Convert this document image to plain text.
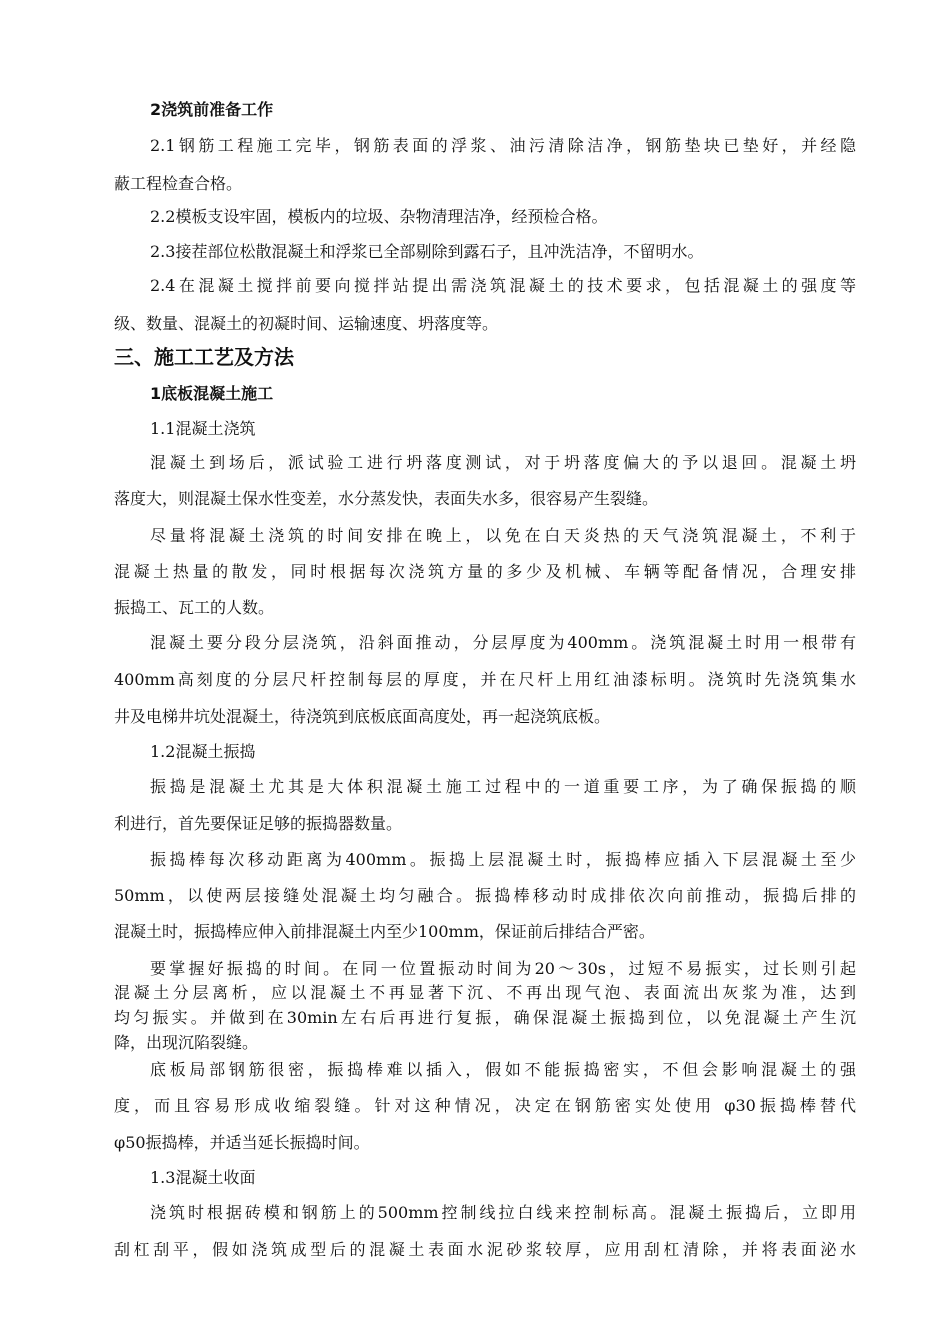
2浇筑前准备工作
2.1钢筋工程施工完毕，钢筋表面的浮浆、油污清除洁净，钢筋垫块已垫好，并经隐
蔽工程检查合格。
2.2模板支设牢固，模板内的垃圾、杂物清理洁净，经预检合格。
2.3接茬部位松散混凝土和浮浆已全部剔除到露石子，且冲洗洁净，不留明水。
2.4在混凝土搅拌前要向搅拌站提出需浇筑混凝土的技术要求，包括混凝土的强度等
级、数量、混凝土的初凝时间、运输速度、坍落度等。
三、施工工艺及方法
1底板混凝土施工
1.1混凝土浇筑
混凝土到场后，派试验工进行坍落度测试，对于坍落度偏大的予以退回。混凝土坍
落度大，则混凝土保水性变差，水分蒸发快，表面失水多，很容易产生裂缝。
尽量将混凝土浇筑的时间安排在晚上，以免在白天炎热的天气浇筑混凝土，不利于
混凝土热量的散发，同时根据每次浇筑方量的多少及机械、车辆等配备情况，合理安排
振捣工、瓦工的人数。
混凝土要分段分层浇筑，沿斜面推动，分层厚度为400mm。浇筑混凝土时用一根带有
400mm高刻度的分层尺杆控制每层的厚度，并在尺杆上用红油漆标明。浇筑时先浇筑集水
井及电梯井坑处混凝土，待浇筑到底板底面高度处，再一起浇筑底板。
1.2混凝土振捣
振捣是混凝土尤其是大体积混凝土施工过程中的一道重要工序，为了确保振捣的顺
利进行，首先要保证足够的振捣器数量。
振捣棒每次移动距离为400mm。振捣上层混凝土时，振捣棒应插入下层混凝土至少
50mm，以使两层接缝处混凝土均匀融合。振捣棒移动时成排依次向前推动，振捣后排的
混凝土时，振捣棒应伸入前排混凝土内至少100mm，保证前后排结合严密。
要掌握好振捣的时间。在同一位置振动时间为20～30s，过短不易振实，过长则引起
混凝土分层离析，应以混凝土不再显著下沉、不再出现气泡、表面流出灰浆为准，达到
均匀振实。并做到在30min左右后再进行复振，确保混凝土振捣到位，以免混凝土产生沉
降，出现沉陷裂缝。
底板局部钢筋很密，振捣棒难以插入，假如不能振捣密实，不但会影响混凝土的强
度，而且容易形成收缩裂缝。针对这种情况，决定在钢筋密实处使用 φ30振捣棒替代
φ50振捣棒，并适当延长振捣时间。
1.3混凝土收面
浇筑时根据砖模和钢筋上的500mm控制线拉白线来控制标高。混凝土振捣后，立即用
刮杠刮平，假如浇筑成型后的混凝土表面水泥砂浆较厚，应用刮杠清除，并将表面泌水
